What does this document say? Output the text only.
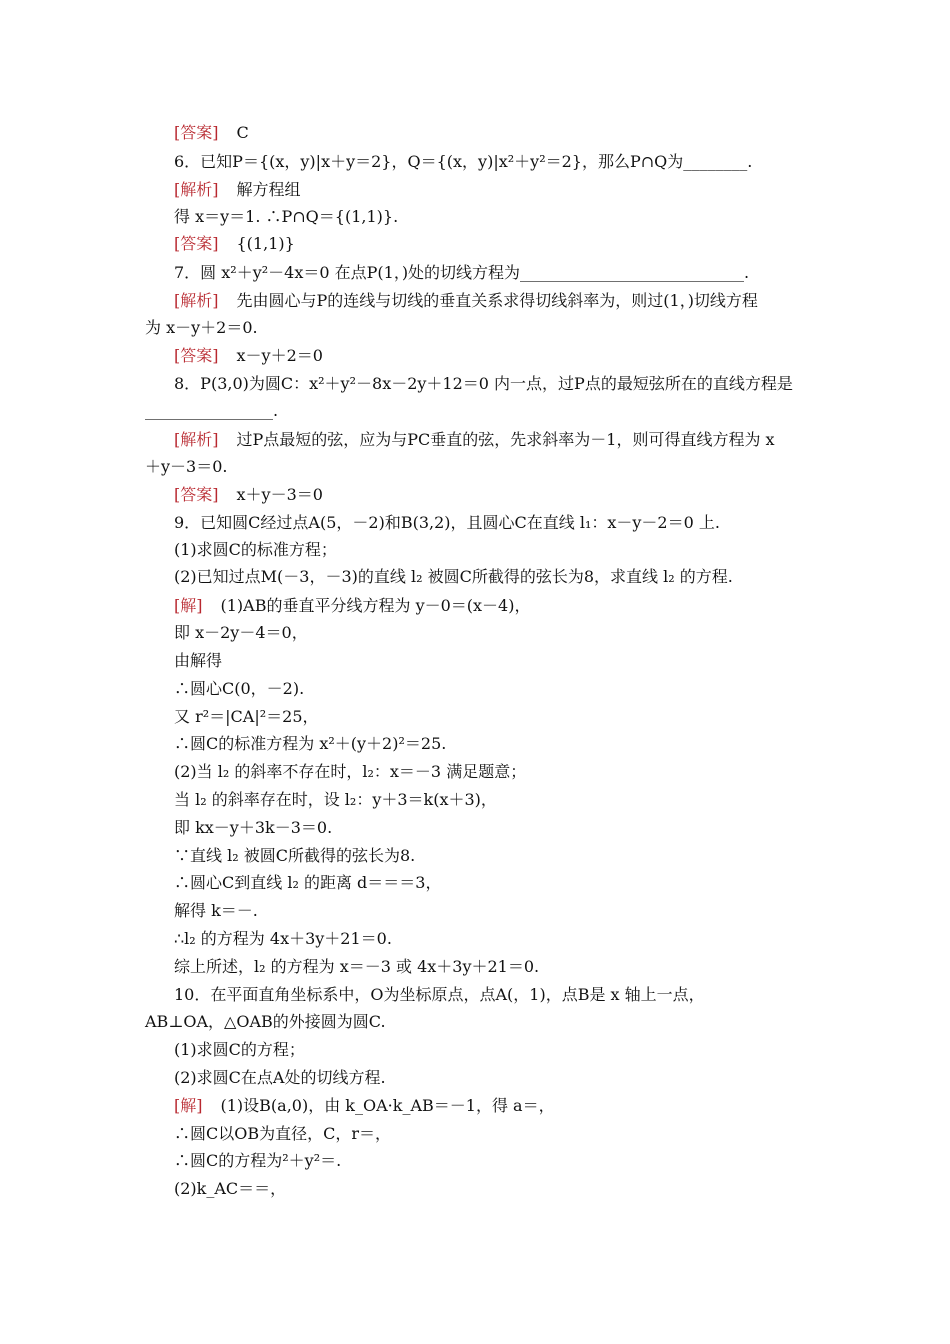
[答案] C
6．已知P＝{(x，y)|x＋y＝2}，Q＝{(x，y)|x²＋y²＝2}，那么P∩Q为________.
[解析] 解方程组
得 x＝y＝1. ∴P∩Q＝{(1,1)}.
[答案] {(1,1)}
7．圆 x²＋y²－4x＝0 在点P(1，)处的切线方程为____________________________.
[解析] 先由圆心与P的连线与切线的垂直关系求得切线斜率为，则过(1，)切线方程
为 x－y＋2＝0.
[答案] x－y＋2＝0
8．P(3,0)为圆C：x²＋y²－8x－2y＋12＝0 内一点，过P点的最短弦所在的直线方程是
________________.
[解析] 过P点最短的弦，应为与PC垂直的弦，先求斜率为－1，则可得直线方程为 x
＋y－3＝0.
[答案] x＋y－3＝0
9．已知圆C经过点A(5，－2)和B(3,2)，且圆心C在直线 l₁：x－y－2＝0 上.
(1)求圆C的标准方程；
(2)已知过点M(－3，－3)的直线 l₂ 被圆C所截得的弦长为8，求直线 l₂ 的方程.
[解] (1)AB的垂直平分线方程为 y－0＝(x－4)，
即 x－2y－4＝0，
由解得
∴圆心C(0，－2).
又 r²＝|CA|²＝25，
∴圆C的标准方程为 x²＋(y＋2)²＝25.
(2)当 l₂ 的斜率不存在时，l₂：x＝－3 满足题意；
当 l₂ 的斜率存在时，设 l₂：y＋3＝k(x＋3)，
即 kx－y＋3k－3＝0.
∵直线 l₂ 被圆C所截得的弦长为8.
∴圆心C到直线 l₂ 的距离 d＝＝＝3，
解得 k＝－.
∴l₂ 的方程为 4x＋3y＋21＝0.
综上所述，l₂ 的方程为 x＝－3 或 4x＋3y＋21＝0.
10．在平面直角坐标系中，O为坐标原点，点A(，1)，点B是 x 轴上一点，
AB⊥OA，△OAB的外接圆为圆C.
(1)求圆C的方程；
(2)求圆C在点A处的切线方程.
[解] (1)设B(a,0)，由 k_OA·k_AB＝－1，得 a＝，
∴圆C以OB为直径，C，r＝，
∴圆C的方程为²＋y²＝.
(2)k_AC＝＝，
